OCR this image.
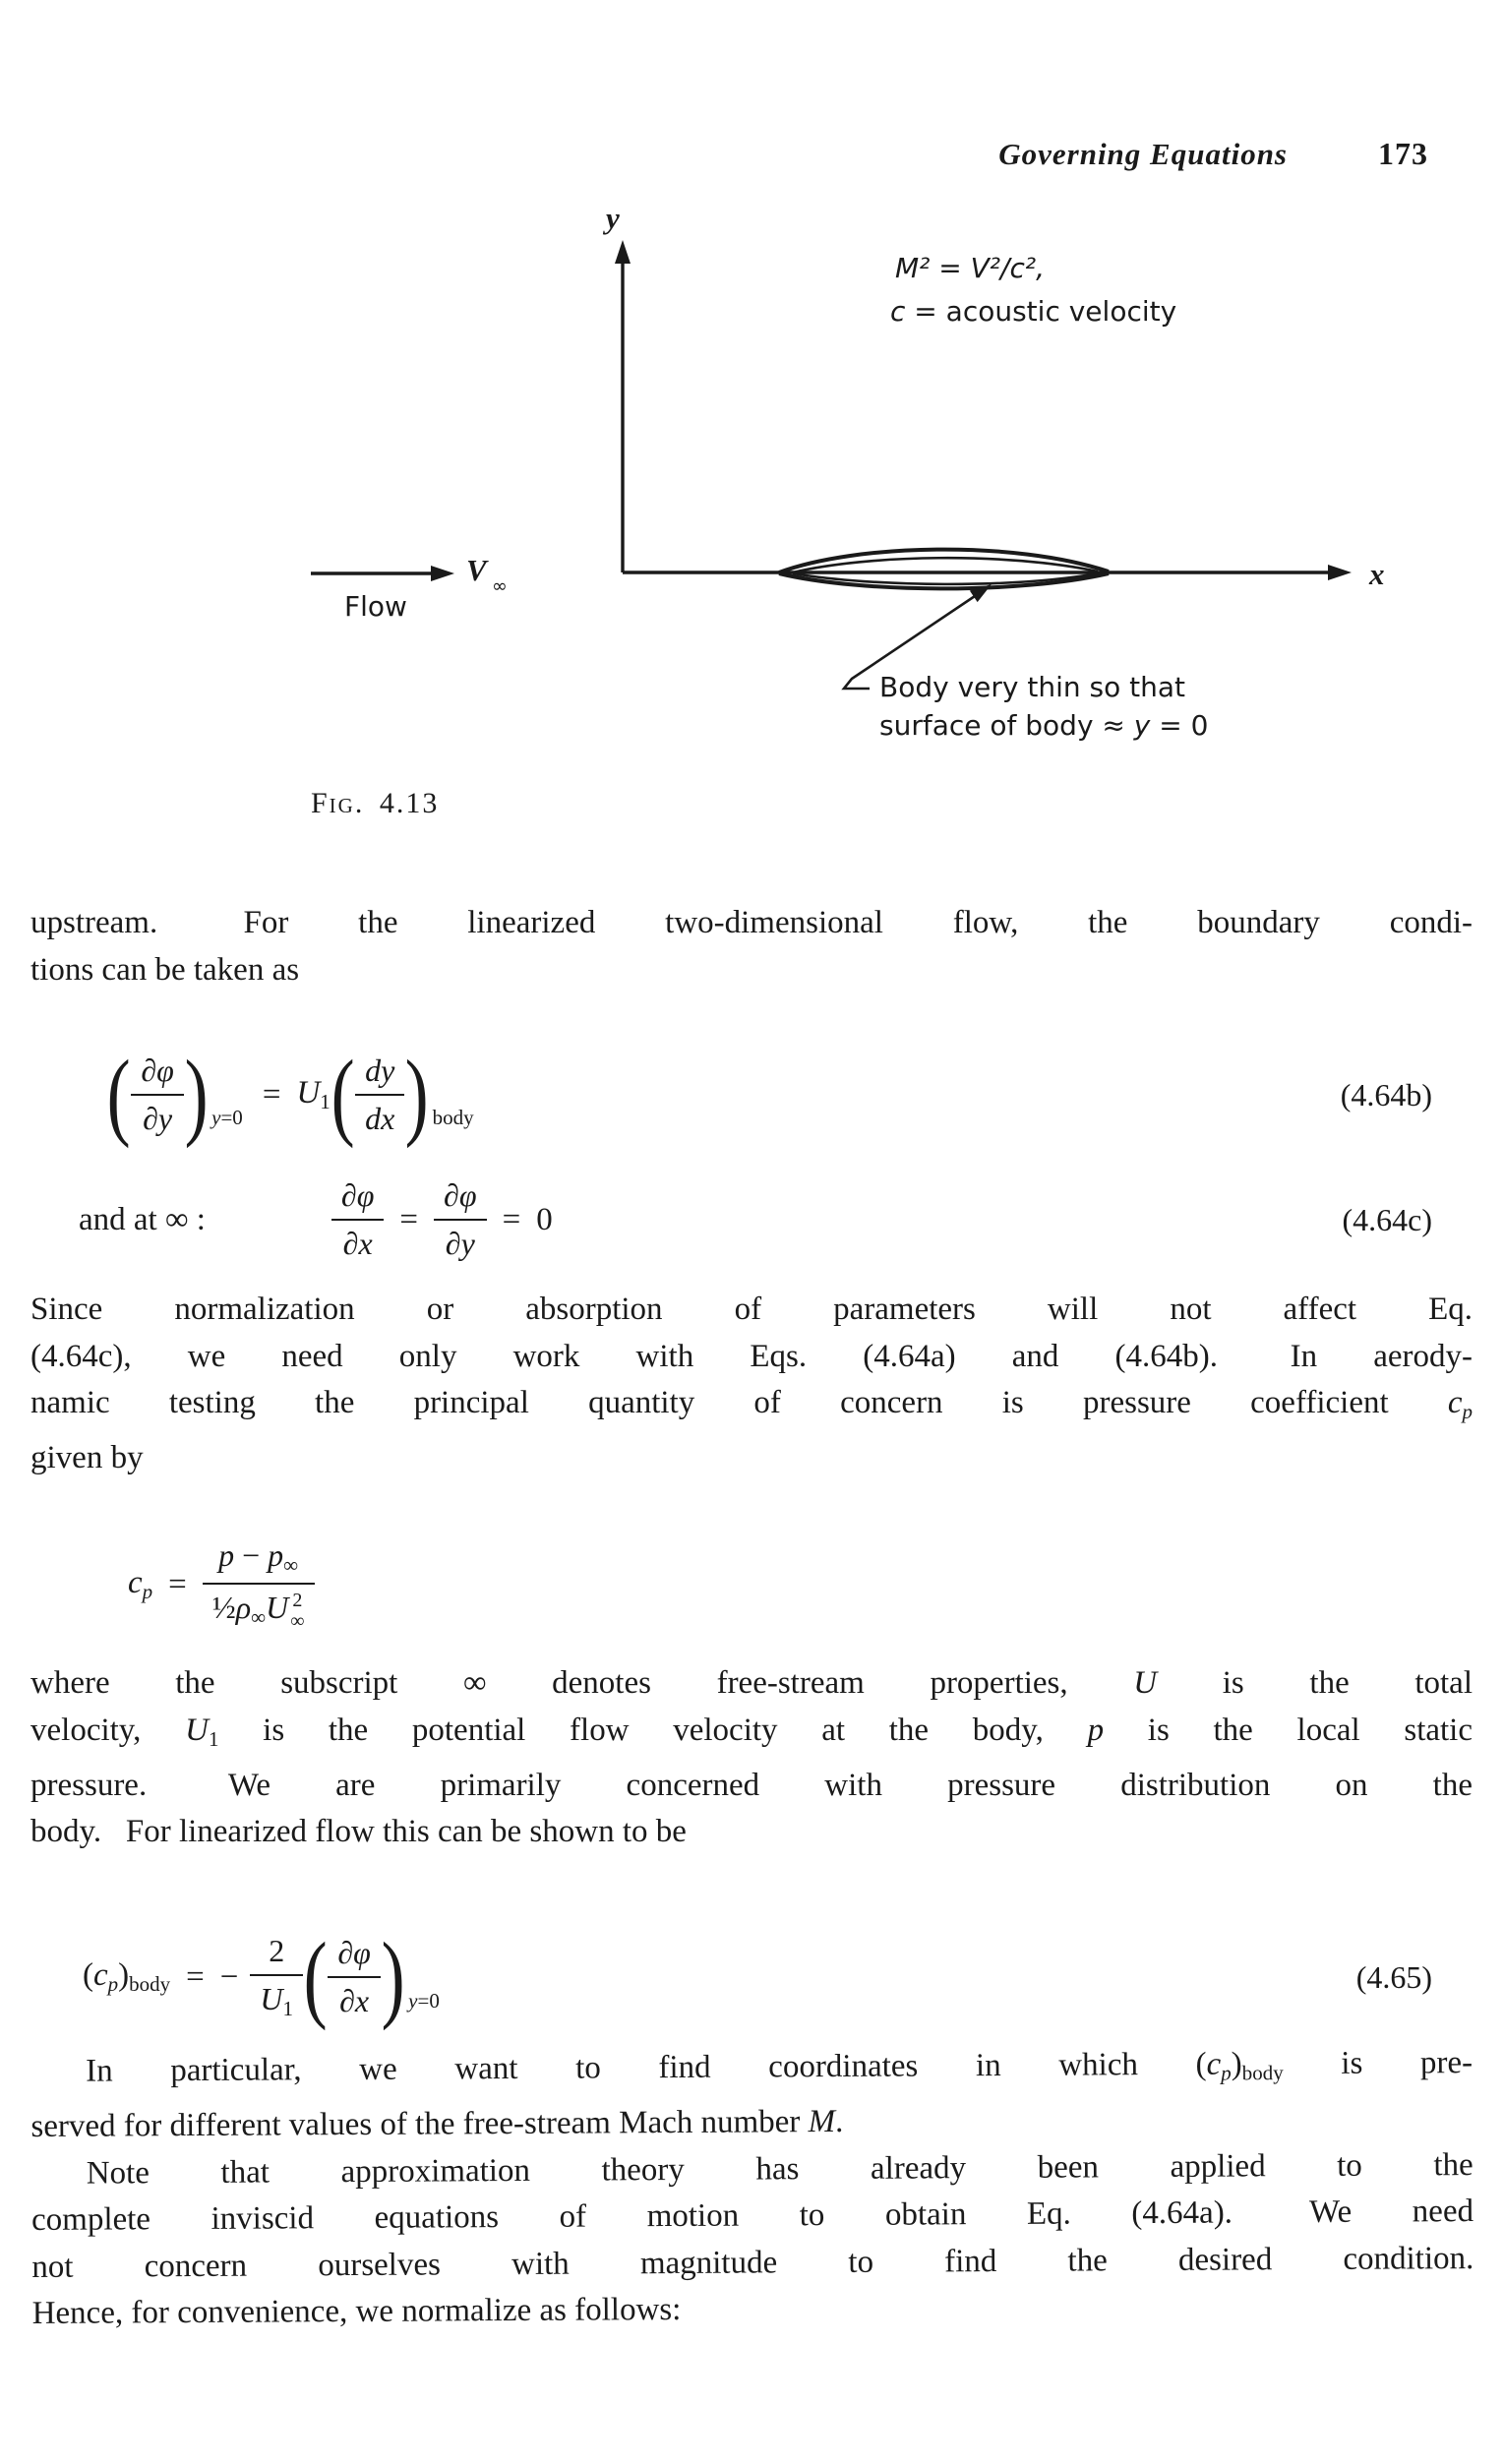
Governing Equations	173
y
x
M² = V²/c²,
c = acoustic velocity
Flow
V ∞
Body very thin so that
surface of body ≈ y = 0
Fig. 4.13
upstream.  For the linearized two-dimensional flow, the boundary condi-
tions can be taken as
( $\frac{\partial\varphi}{\partial y}$ ) y=0
= U1 ( $\frac{dy}{dx}$ ) body
(4.64b)
and at ∞ :	$\frac{\partial\varphi}{\partial x} = \frac{\partial\varphi}{\partial y} = 0$	(4.64c)
Since normalization or absorption of parameters will not affect Eq.
(4.64c), we need only work with Eqs. (4.64a) and (4.64b).  In aerody-
namic testing the principal quantity of concern is pressure coefficient cp
given by
cp = p − p∞
½ρ∞U 2
∞
where the subscript ∞ denotes free-stream properties, U is the total
velocity, U1 is the potential flow velocity at the body, p is the local static
pressure.  We are primarily concerned with pressure distribution on the
body.  For linearized flow this can be shown to be
(cp)body = − $\frac{2}{U1}$ ( $\frac{\partial\varphi}{\partial x}$ ) y=0
(4.65)
In particular, we want to find coordinates in which (cp)body is pre-
served for different values of the free-stream Mach number M.
Note that approximation theory has already been applied to the
complete inviscid equations of motion to obtain Eq. (4.64a).  We need
not concern ourselves with magnitude to find the desired condition.
Hence, for convenience, we normalize as follows:
